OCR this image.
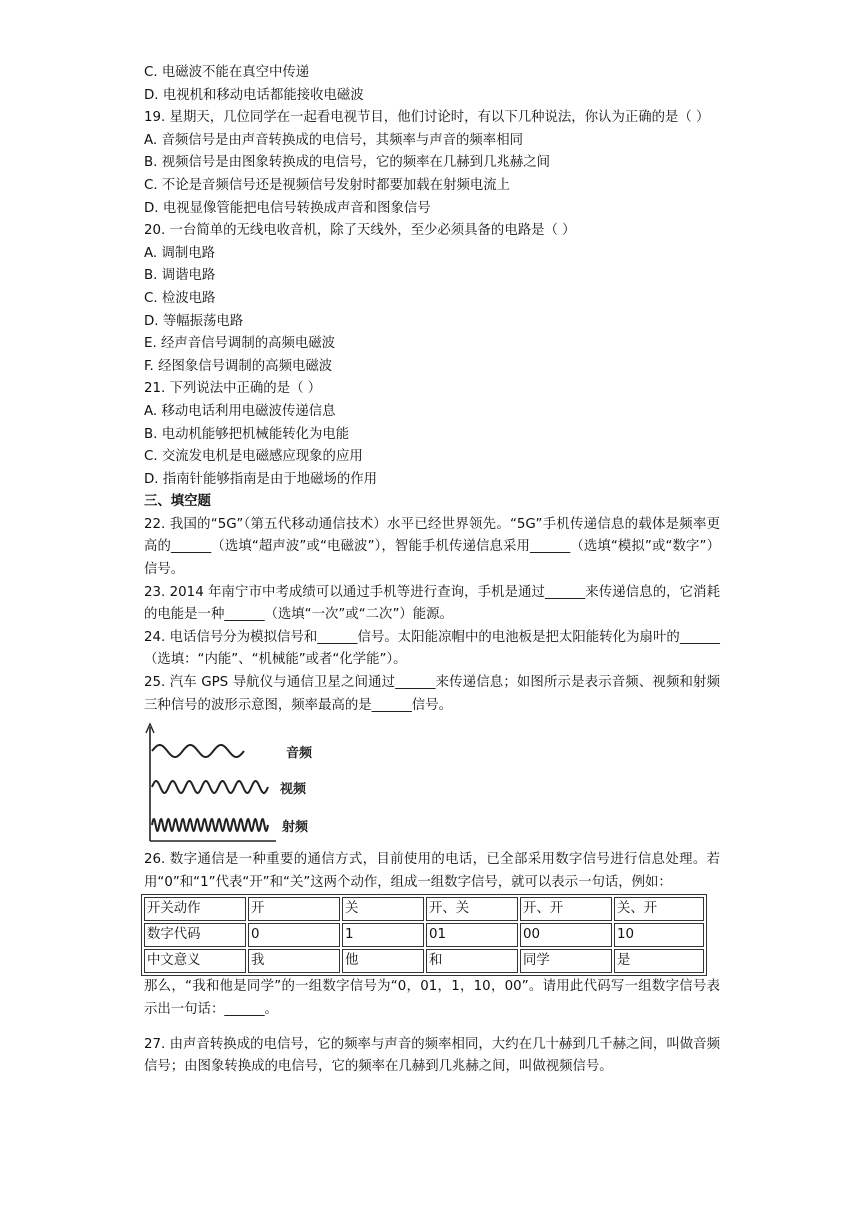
C. 电磁波不能在真空中传递
D. 电视机和移动电话都能接收电磁波
19. 星期天，几位同学在一起看电视节目，他们讨论时，有以下几种说法，你认为正确的是（ ）
A. 音频信号是由声音转换成的电信号，其频率与声音的频率相同
B. 视频信号是由图象转换成的电信号，它的频率在几赫到几兆赫之间
C. 不论是音频信号还是视频信号发射时都要加载在射频电流上
D. 电视显像管能把电信号转换成声音和图象信号
20. 一台简单的无线电收音机，除了天线外，至少必须具备的电路是（ ）
A. 调制电路
B. 调谐电路
C. 检波电路
D. 等幅振荡电路
E. 经声音信号调制的高频电磁波
F. 经图象信号调制的高频电磁波
21. 下列说法中正确的是（ ）
A. 移动电话利用电磁波传递信息
B. 电动机能够把机械能转化为电能
C. 交流发电机是电磁感应现象的应用
D. 指南针能够指南是由于地磁场的作用
三、填空题
22. 我国的“5G”（第五代移动通信技术）水平已经世界领先。“5G”手机传递信息的载体是频率更高的______（选填“超声波”或“电磁波”），智能手机传递信息采用______（选填“模拟”或“数字”）信号。
23. 2014 年南宁市中考成绩可以通过手机等进行查询，手机是通过______来传递信息的，它消耗的电能是一种______（选填“一次”或“二次”）能源。
24. 电话信号分为模拟信号和______信号。太阳能凉帽中的电池板是把太阳能转化为扇叶的______（选填：“内能”、“机械能”或者“化学能”）。
25. 汽车 GPS 导航仪与通信卫星之间通过______来传递信息；如图所示是表示音频、视频和射频三种信号的波形示意图，频率最高的是______信号。
音频
视频
射频
26. 数字通信是一种重要的通信方式，目前使用的电话，已全部采用数字信号进行信息处理。若用“0”和“1”代表“开”和“关”这两个动作，组成一组数字信号，就可以表示一句话，例如：
开关动作	开	关	开、关	开、开	关、开
数字代码	0	1	01	00	10
中文意义	我	他	和	同学	是
那么，“我和他是同学”的一组数字信号为“0，01，1，10，00”。请用此代码写一组数字信号表示出一句话：______。
27. 由声音转换成的电信号，它的频率与声音的频率相同，大约在几十赫到几千赫之间，叫做音频信号；由图象转换成的电信号，它的频率在几赫到几兆赫之间，叫做视频信号。
